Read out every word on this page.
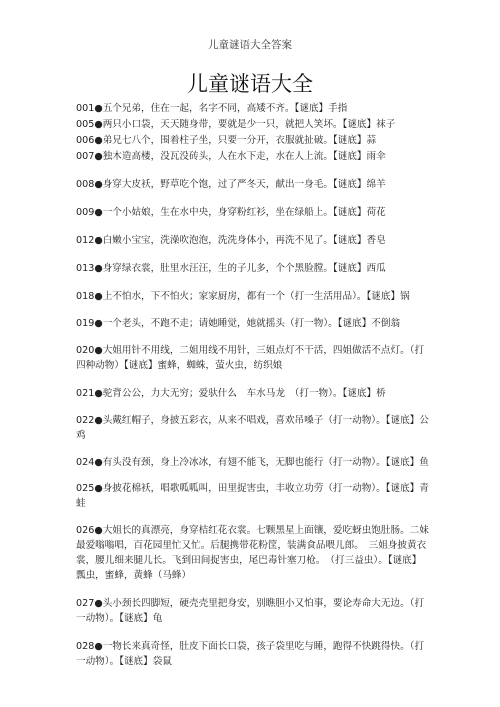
儿童谜语大全答案
儿童谜语大全
001●五个兄弟，住在一起，名字不同，高矮不齐。【谜底】手指
005●两只小口袋，天天随身带，要就是少一只，就把人笑坏。【谜底】袜子
006●弟兄七八个，围着柱子坐，只要一分开，衣服就扯破。【谜底】蒜
007●独木造高楼，没瓦没砖头，人在水下走，水在人上流。【谜底】雨伞
008●身穿大皮袄，野草吃个饱，过了严冬天，献出一身毛。【谜底】绵羊
009●一个小姑娘，生在水中央，身穿粉红衫，坐在绿船上。【谜底】荷花
012●白嫩小宝宝，洗澡吹泡泡，洗洗身体小，再洗不见了。【谜底】香皂
013●身穿绿衣裳，肚里水汪汪，生的子儿多，个个黑脸膛。【谜底】西瓜
018●上不怕水，下不怕火；家家厨房，都有一个（打一生活用品）。【谜底】锅
019●一个老头，不跑不走；请她睡觉，她就摇头（打一物）。【谜底】不倒翁
020●大姐用针不用线，二姐用线不用针，三姐点灯不干活，四姐做活不点灯。（打四种动物）【谜底】蜜蜂，蜘蛛，萤火虫，纺织娘
021●驼背公公，力大无穷；爱驮什么　车水马龙　（打一物）。【谜底】桥
022●头戴红帽子，身披五彩衣，从来不唱戏，喜欢吊嗓子（打一动物）。【谜底】公鸡
024●有头没有颈，身上冷冰冰，有翅不能飞，无脚也能行（打一动物）。【谜底】鱼
025●身披花棉袄，唱歌呱呱叫，田里捉害虫，丰收立功劳（打一动物）。【谜底】青蛙
026●大姐长的真漂亮，身穿桔红花衣裳。七颗黑星上面镶，爱吃蚜虫饱肚肠。二妹最爱嗡嗡唱，百花园里忙又忙。后腿携带花粉筐，装满食品喂儿郎。　三姐身披黄衣裳，腰儿细来腿儿长。飞到田间捉害虫，尾巴毒针塞刀枪。　（打三益虫）。【谜底】瓢虫，蜜蜂，黄蜂（马蜂）
027●头小颈长四脚短，硬壳壳里把身安，别瞧胆小又怕事，要论寿命大无边。（打一动物）。【谜底】龟
028●一物长来真奇怪，肚皮下面长口袋，孩子袋里吃与睡，跑得不快跳得快。（打一动物）。【谜底】袋鼠
